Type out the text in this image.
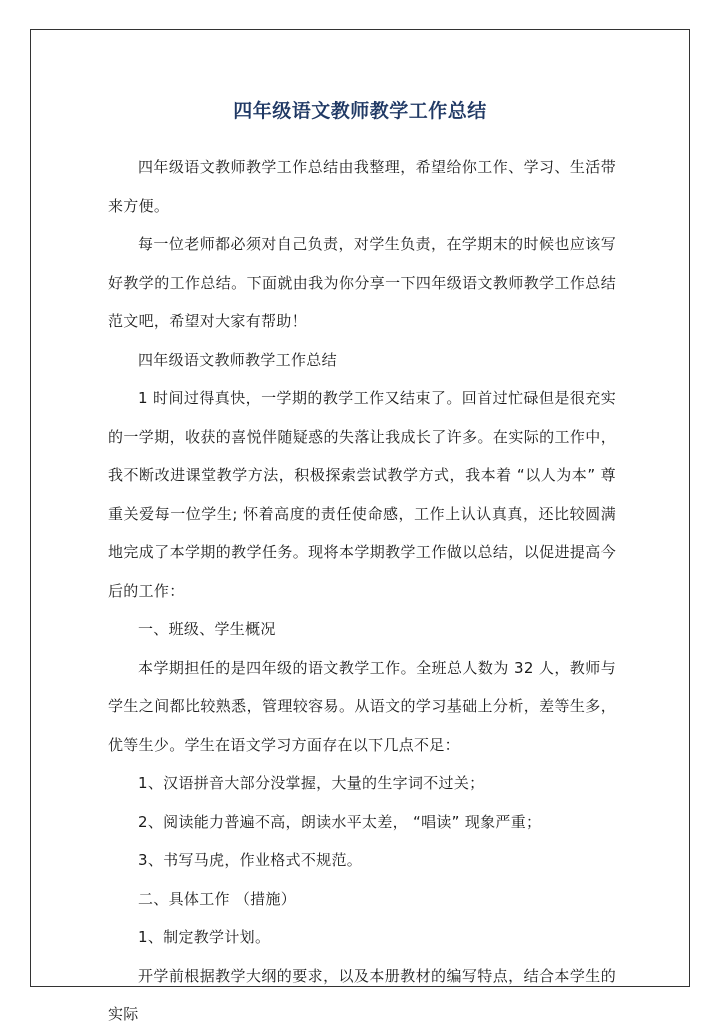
四年级语文教师教学工作总结

四年级语文教师教学工作总结由我整理，希望给你工作、学习、生活带来方便。

每一位老师都必须对自己负责，对学生负责，在学期末的时候也应该写好教学的工作总结。下面就由我为你分享一下四年级语文教师教学工作总结范文吧，希望对大家有帮助！

四年级语文教师教学工作总结

1 时间过得真快，一学期的教学工作又结束了。回首过忙碌但是很充实的一学期，收获的喜悦伴随疑惑的失落让我成长了许多。在实际的工作中，我不断改进课堂教学方法，积极探索尝试教学方式，我本着 “以人为本” 尊重关爱每一位学生; 怀着高度的责任使命感，工作上认认真真，还比较圆满地完成了本学期的教学任务。现将本学期教学工作做以总结，以促进提高今后的工作：

一、班级、学生概况

本学期担任的是四年级的语文教学工作。全班总人数为 32 人，教师与学生之间都比较熟悉，管理较容易。从语文的学习基础上分析，差等生多，优等生少。学生在语文学习方面存在以下几点不足：

1、汉语拼音大部分没掌握，大量的生字词不过关；

2、阅读能力普遍不高，朗读水平太差， “唱读” 现象严重；

3、书写马虎，作业格式不规范。

二、具体工作 （措施）

1、制定教学计划。

开学前根据教学大纲的要求，以及本册教材的编写特点，结合本学生的实际
